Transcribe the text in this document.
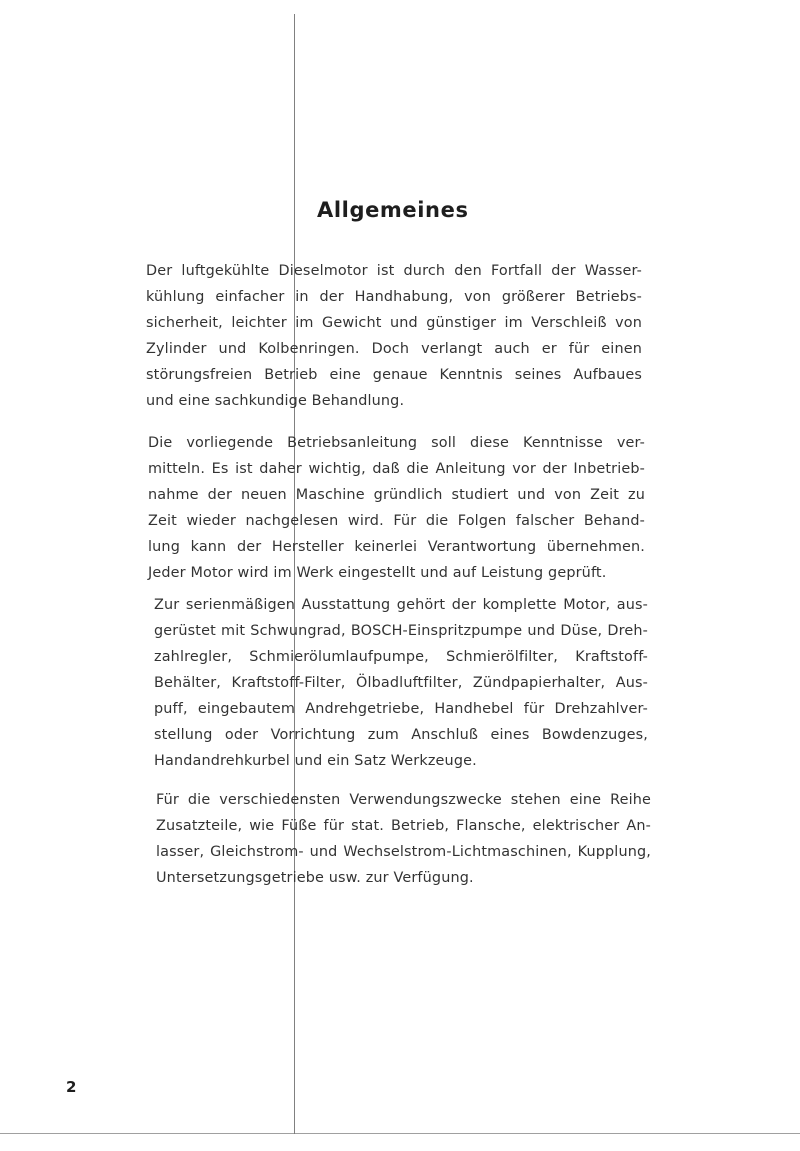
Allgemeines
Der luftgekühlte Dieselmotor ist durch den Fortfall der Wasser-
kühlung einfacher in der Handhabung, von größerer Betriebs-
sicherheit, leichter im Gewicht und günstiger im Verschleiß von
Zylinder und Kolbenringen. Doch verlangt auch er für einen
störungsfreien Betrieb eine genaue Kenntnis seines Aufbaues
und eine sachkundige Behandlung.
Die vorliegende Betriebsanleitung soll diese Kenntnisse ver-
mitteln. Es ist daher wichtig, daß die Anleitung vor der Inbetrieb-
nahme der neuen Maschine gründlich studiert und von Zeit zu
Zeit wieder nachgelesen wird. Für die Folgen falscher Behand-
lung kann der Hersteller keinerlei Verantwortung übernehmen.
Jeder Motor wird im Werk eingestellt und auf Leistung geprüft.
Zur serienmäßigen Ausstattung gehört der komplette Motor, aus-
gerüstet mit Schwungrad, BOSCH-Einspritzpumpe und Düse, Dreh-
zahlregler, Schmierölumlaufpumpe, Schmierölfilter, Kraftstoff-
Behälter, Kraftstoff-Filter, Ölbadluftfilter, Zündpapierhalter, Aus-
puff, eingebautem Andrehgetriebe, Handhebel für Drehzahlver-
stellung oder Vorrichtung zum Anschluß eines Bowdenzuges,
Handandrehkurbel und ein Satz Werkzeuge.
Für die verschiedensten Verwendungszwecke stehen eine Reihe
Zusatzteile, wie Füße für stat. Betrieb, Flansche, elektrischer An-
lasser, Gleichstrom- und Wechselstrom-Lichtmaschinen, Kupplung,
Untersetzungsgetriebe usw. zur Verfügung.
2
